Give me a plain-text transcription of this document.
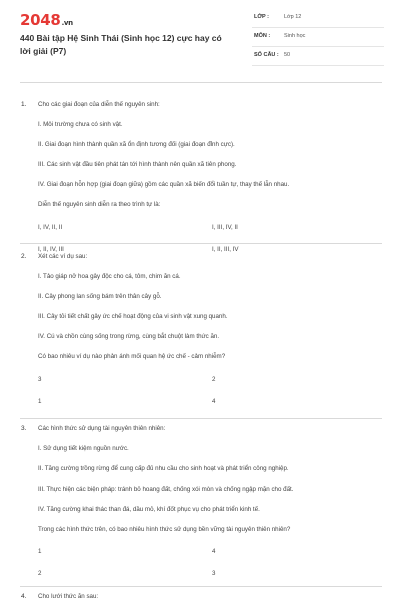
2048.vn
440 Bài tập Hệ Sinh Thái (Sinh học 12) cực hay có lời giải (P7)
LỚP :	Lớp 12
MÔN :	Sinh học
SỐ CÂU : 50
1. Cho các giai đoạn của diễn thế nguyên sinh:
I. Môi trường chưa có sinh vật.
II. Giai đoạn hình thành quần xã ổn định tương đối (giai đoạn đỉnh cực).
III. Các sinh vật đầu tiên phát tán tới hình thành nên quần xã tiên phong.
IV. Giai đoạn hỗn hợp (giai đoạn giữa) gồm các quần xã biến đổi tuần tự, thay thế lẫn nhau.
Diễn thế nguyên sinh diễn ra theo trình tự là:
I, IV, II, II	I, III, IV, II
I, II, IV, III	I, II, III, IV
2. Xét các ví dụ sau:
I. Tảo giáp nở hoa gây độc cho cá, tôm, chim ăn cá.
II. Cây phong lan sống bám trên thân cây gỗ.
III. Cây tỏi tiết chất gây ức chế hoạt động của vi sinh vật xung quanh.
IV. Cú và chồn cùng sống trong rừng, cùng bắt chuột làm thức ăn.
Có bao nhiêu ví dụ nào phản ánh mối quan hệ ức chế - cảm nhiễm?
3	2
1	4
3. Các hình thức sử dụng tài nguyên thiên nhiên:
I. Sử dụng tiết kiệm nguồn nước.
II. Tăng cường trồng rừng để cung cấp đủ nhu cầu cho sinh hoạt và phát triển công nghiệp.
III. Thực hiện các biện pháp: tránh bỏ hoang đất, chống xói mòn và chống ngập mặn cho đất.
IV. Tăng cường khai thác than đá, dầu mỏ, khí đốt phục vụ cho phát triển kinh tế.
Trong các hình thức trên, có bao nhiêu hình thức sử dụng bền vững tài nguyên thiên nhiên?
1	4
2	3
4. Cho lưới thức ăn sau:
